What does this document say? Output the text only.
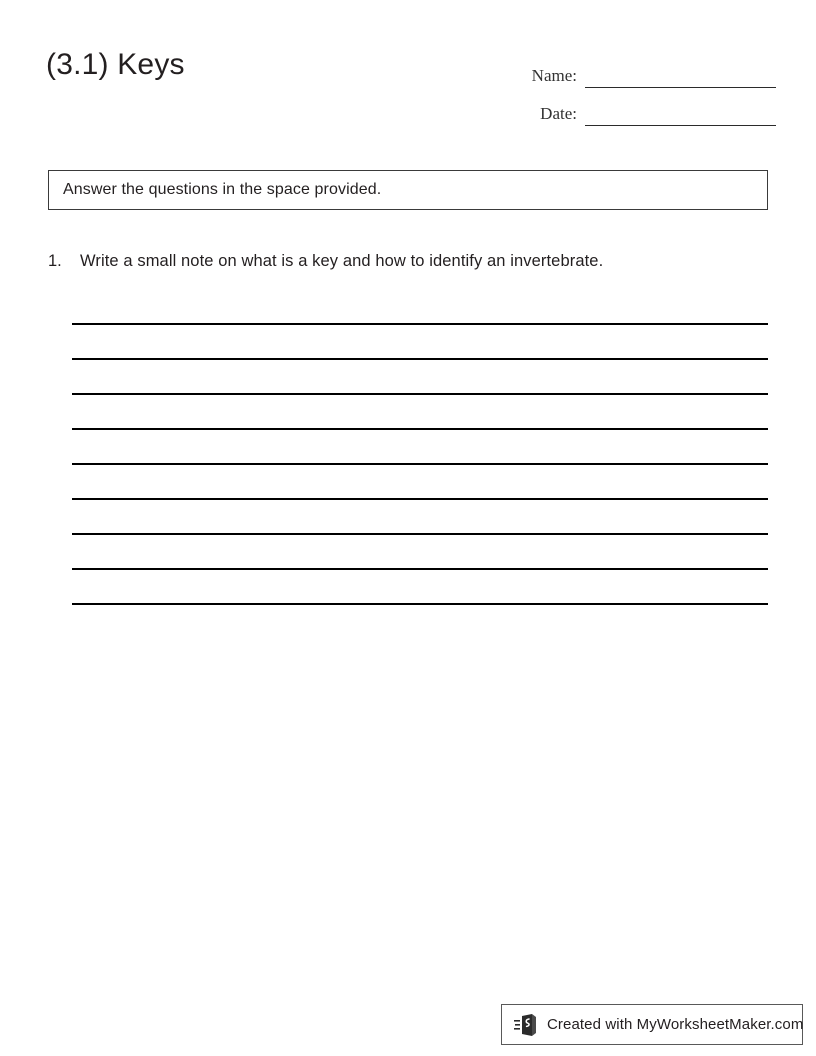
(3.1) Keys	Name:
Date:
Answer the questions in the space provided.
1.	Write a small note on what is a key and how to identify an invertebrate.
Created with MyWorksheetMaker.com
